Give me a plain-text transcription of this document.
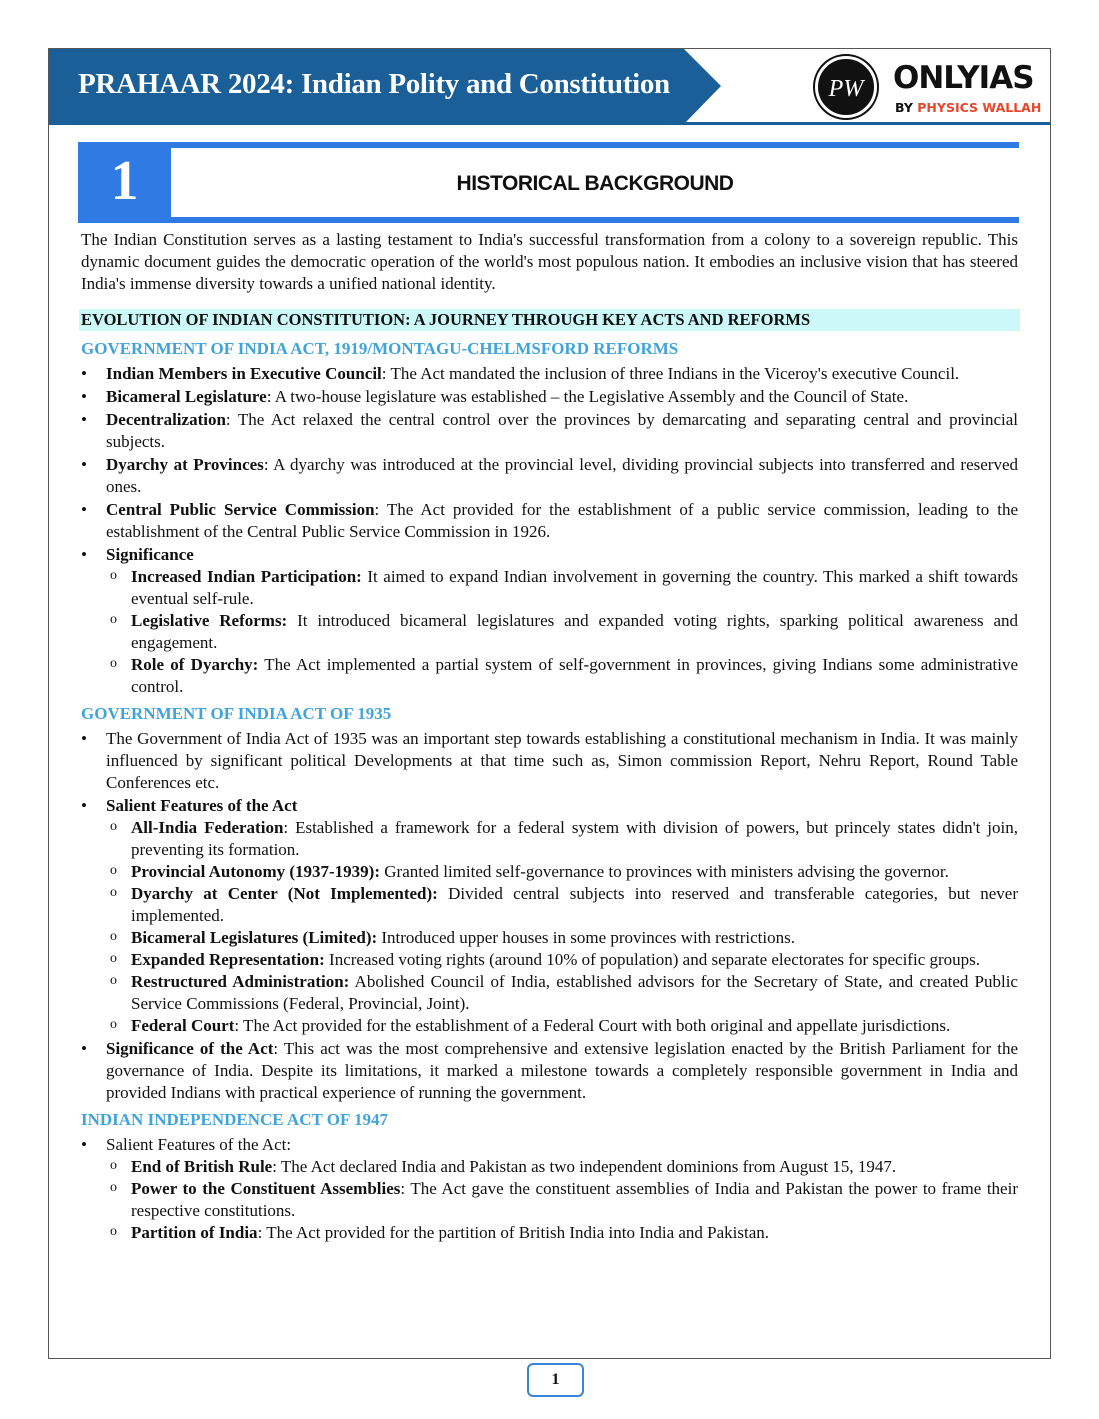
PRAHAAR 2024: Indian Polity and Constitution	PW ONLYIAS
BY PHYSICS WALLAH
1	HISTORICAL BACKGROUND

The Indian Constitution serves as a lasting testament to India's successful transformation from a colony to a sovereign republic. This dynamic document guides the democratic operation of the world's most populous nation. It embodies an inclusive vision that has steered India's immense diversity towards a unified national identity.

EVOLUTION OF INDIAN CONSTITUTION: A JOURNEY THROUGH KEY ACTS AND REFORMS
GOVERNMENT OF INDIA ACT, 1919/MONTAGU-CHELMSFORD REFORMS
• Indian Members in Executive Council: The Act mandated the inclusion of three Indians in the Viceroy's executive Council.
• Bicameral Legislature: A two-house legislature was established – the Legislative Assembly and the Council of State.
• Decentralization: The Act relaxed the central control over the provinces by demarcating and separating central and provincial subjects.
• Dyarchy at Provinces: A dyarchy was introduced at the provincial level, dividing provincial subjects into transferred and reserved ones.
• Central Public Service Commission: The Act provided for the establishment of a public service commission, leading to the establishment of the Central Public Service Commission in 1926.
• Significance
o Increased Indian Participation: It aimed to expand Indian involvement in governing the country. This marked a shift towards eventual self-rule.
o Legislative Reforms: It introduced bicameral legislatures and expanded voting rights, sparking political awareness and engagement.
o Role of Dyarchy: The Act implemented a partial system of self-government in provinces, giving Indians some administrative control.
GOVERNMENT OF INDIA ACT OF 1935
• The Government of India Act of 1935 was an important step towards establishing a constitutional mechanism in India. It was mainly influenced by significant political Developments at that time such as, Simon commission Report, Nehru Report, Round Table Conferences etc.
• Salient Features of the Act
o All-India Federation: Established a framework for a federal system with division of powers, but princely states didn't join, preventing its formation.
o Provincial Autonomy (1937-1939): Granted limited self-governance to provinces with ministers advising the governor.
o Dyarchy at Center (Not Implemented): Divided central subjects into reserved and transferable categories, but never implemented.
o Bicameral Legislatures (Limited): Introduced upper houses in some provinces with restrictions.
o Expanded Representation: Increased voting rights (around 10% of population) and separate electorates for specific groups.
o Restructured Administration: Abolished Council of India, established advisors for the Secretary of State, and created Public Service Commissions (Federal, Provincial, Joint).
o Federal Court: The Act provided for the establishment of a Federal Court with both original and appellate jurisdictions.
• Significance of the Act: This act was the most comprehensive and extensive legislation enacted by the British Parliament for the governance of India. Despite its limitations, it marked a milestone towards a completely responsible government in India and provided Indians with practical experience of running the government.
INDIAN INDEPENDENCE ACT OF 1947
• Salient Features of the Act:
o End of British Rule: The Act declared India and Pakistan as two independent dominions from August 15, 1947.
o Power to the Constituent Assemblies: The Act gave the constituent assemblies of India and Pakistan the power to frame their respective constitutions.
o Partition of India: The Act provided for the partition of British India into India and Pakistan.
1
